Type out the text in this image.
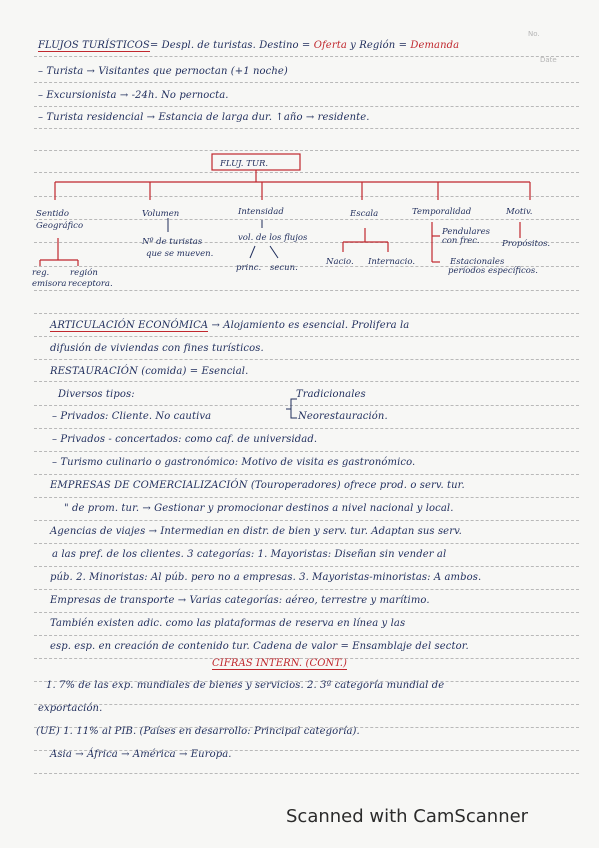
No.
Date
FLUJOS TURÍSTICOS= Despl. de turistas. Destino = Oferta y Región = Demanda
– Turista → Visitantes que pernoctan (+1 noche)
– Excursionista → -24h. No pernocta.
– Turista residencial → Estancia de larga dur. ↑año → residente.
FLUJ. TUR.
Sentido
Geográfico
Volumen
Nº de turistas
que se mueven.
Intensidad
vol. de los flujos
princ. secun.
Escala
Nacio. Internacio.
Temporalidad
Pendulares
con frec.
Estacionales
períodos específicos.
Motiv.
Propósitos.
reg.
emisora
región
receptora.
ARTICULACIÓN ECONÓMICA → Alojamiento es esencial. Prolifera la
difusión de viviendas con fines turísticos.
RESTAURACIÓN (comida) = Esencial.
Diversos tipos:	Tradicionales
– Privados: Cliente. No cautiva	Neorestauración.
– Privados - concertados: como caf. de universidad.
– Turismo culinario o gastronómico: Motivo de visita es gastronómico.
EMPRESAS DE COMERCIALIZACIÓN (Touroperadores) ofrece prod. o serv. tur.
" de prom. tur. → Gestionar y promocionar destinos a nivel nacional y local.
Agencias de viajes → Intermedian en distr. de bien y serv. tur. Adaptan sus serv.
a las pref. de los clientes. 3 categorías: 1. Mayoristas: Diseñan sin vender al
púb. 2. Minoristas: Al púb. pero no a empresas. 3. Mayoristas-minoristas: A ambos.
Empresas de transporte → Varias categorías: aéreo, terrestre y marítimo.
También existen adic. como las plataformas de reserva en línea y las
esp. esp. en creación de contenido tur. Cadena de valor = Ensamblaje del sector.
CIFRAS INTERN. (CONT.)
1. 7% de las exp. mundiales de bienes y servicios. 2. 3ª categoría mundial de
exportación.
(UE) 1. 11% al PIB. (Países en desarrollo: Principal categoría).
Asia → África → América → Europa.
Scanned with CamScanner
